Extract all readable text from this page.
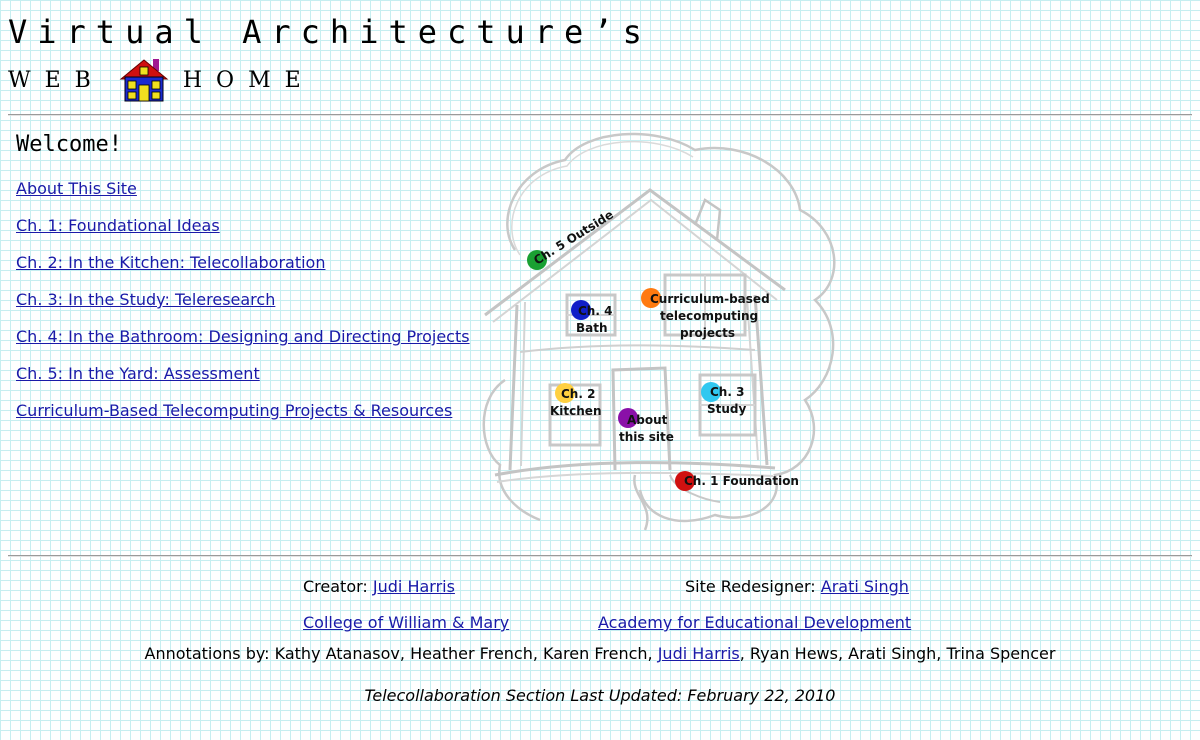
Virtual Architecture’s
WEB	HOME
Welcome!
About This Site
Ch. 1: Foundational Ideas
Ch. 2: In the Kitchen: Telecollaboration
Ch. 3: In the Study: Teleresearch
Ch. 4: In the Bathroom: Designing and Directing Projects
Ch. 5: In the Yard: Assessment
Curriculum-Based Telecomputing Projects & Resources
Ch. 5 Outside
Ch. 4
Bath
Curriculum-based
telecomputing
projects
Ch. 2
Kitchen
About
this site
Ch. 3
Study
Ch. 1 Foundation
Creator: Judi Harris	Site Redesigner: Arati Singh
College of William & Mary	Academy for Educational Development
Annotations by: Kathy Atanasov, Heather French, Karen French, Judi Harris, Ryan Hews, Arati Singh, Trina Spencer
Telecollaboration Section Last Updated: February 22, 2010
